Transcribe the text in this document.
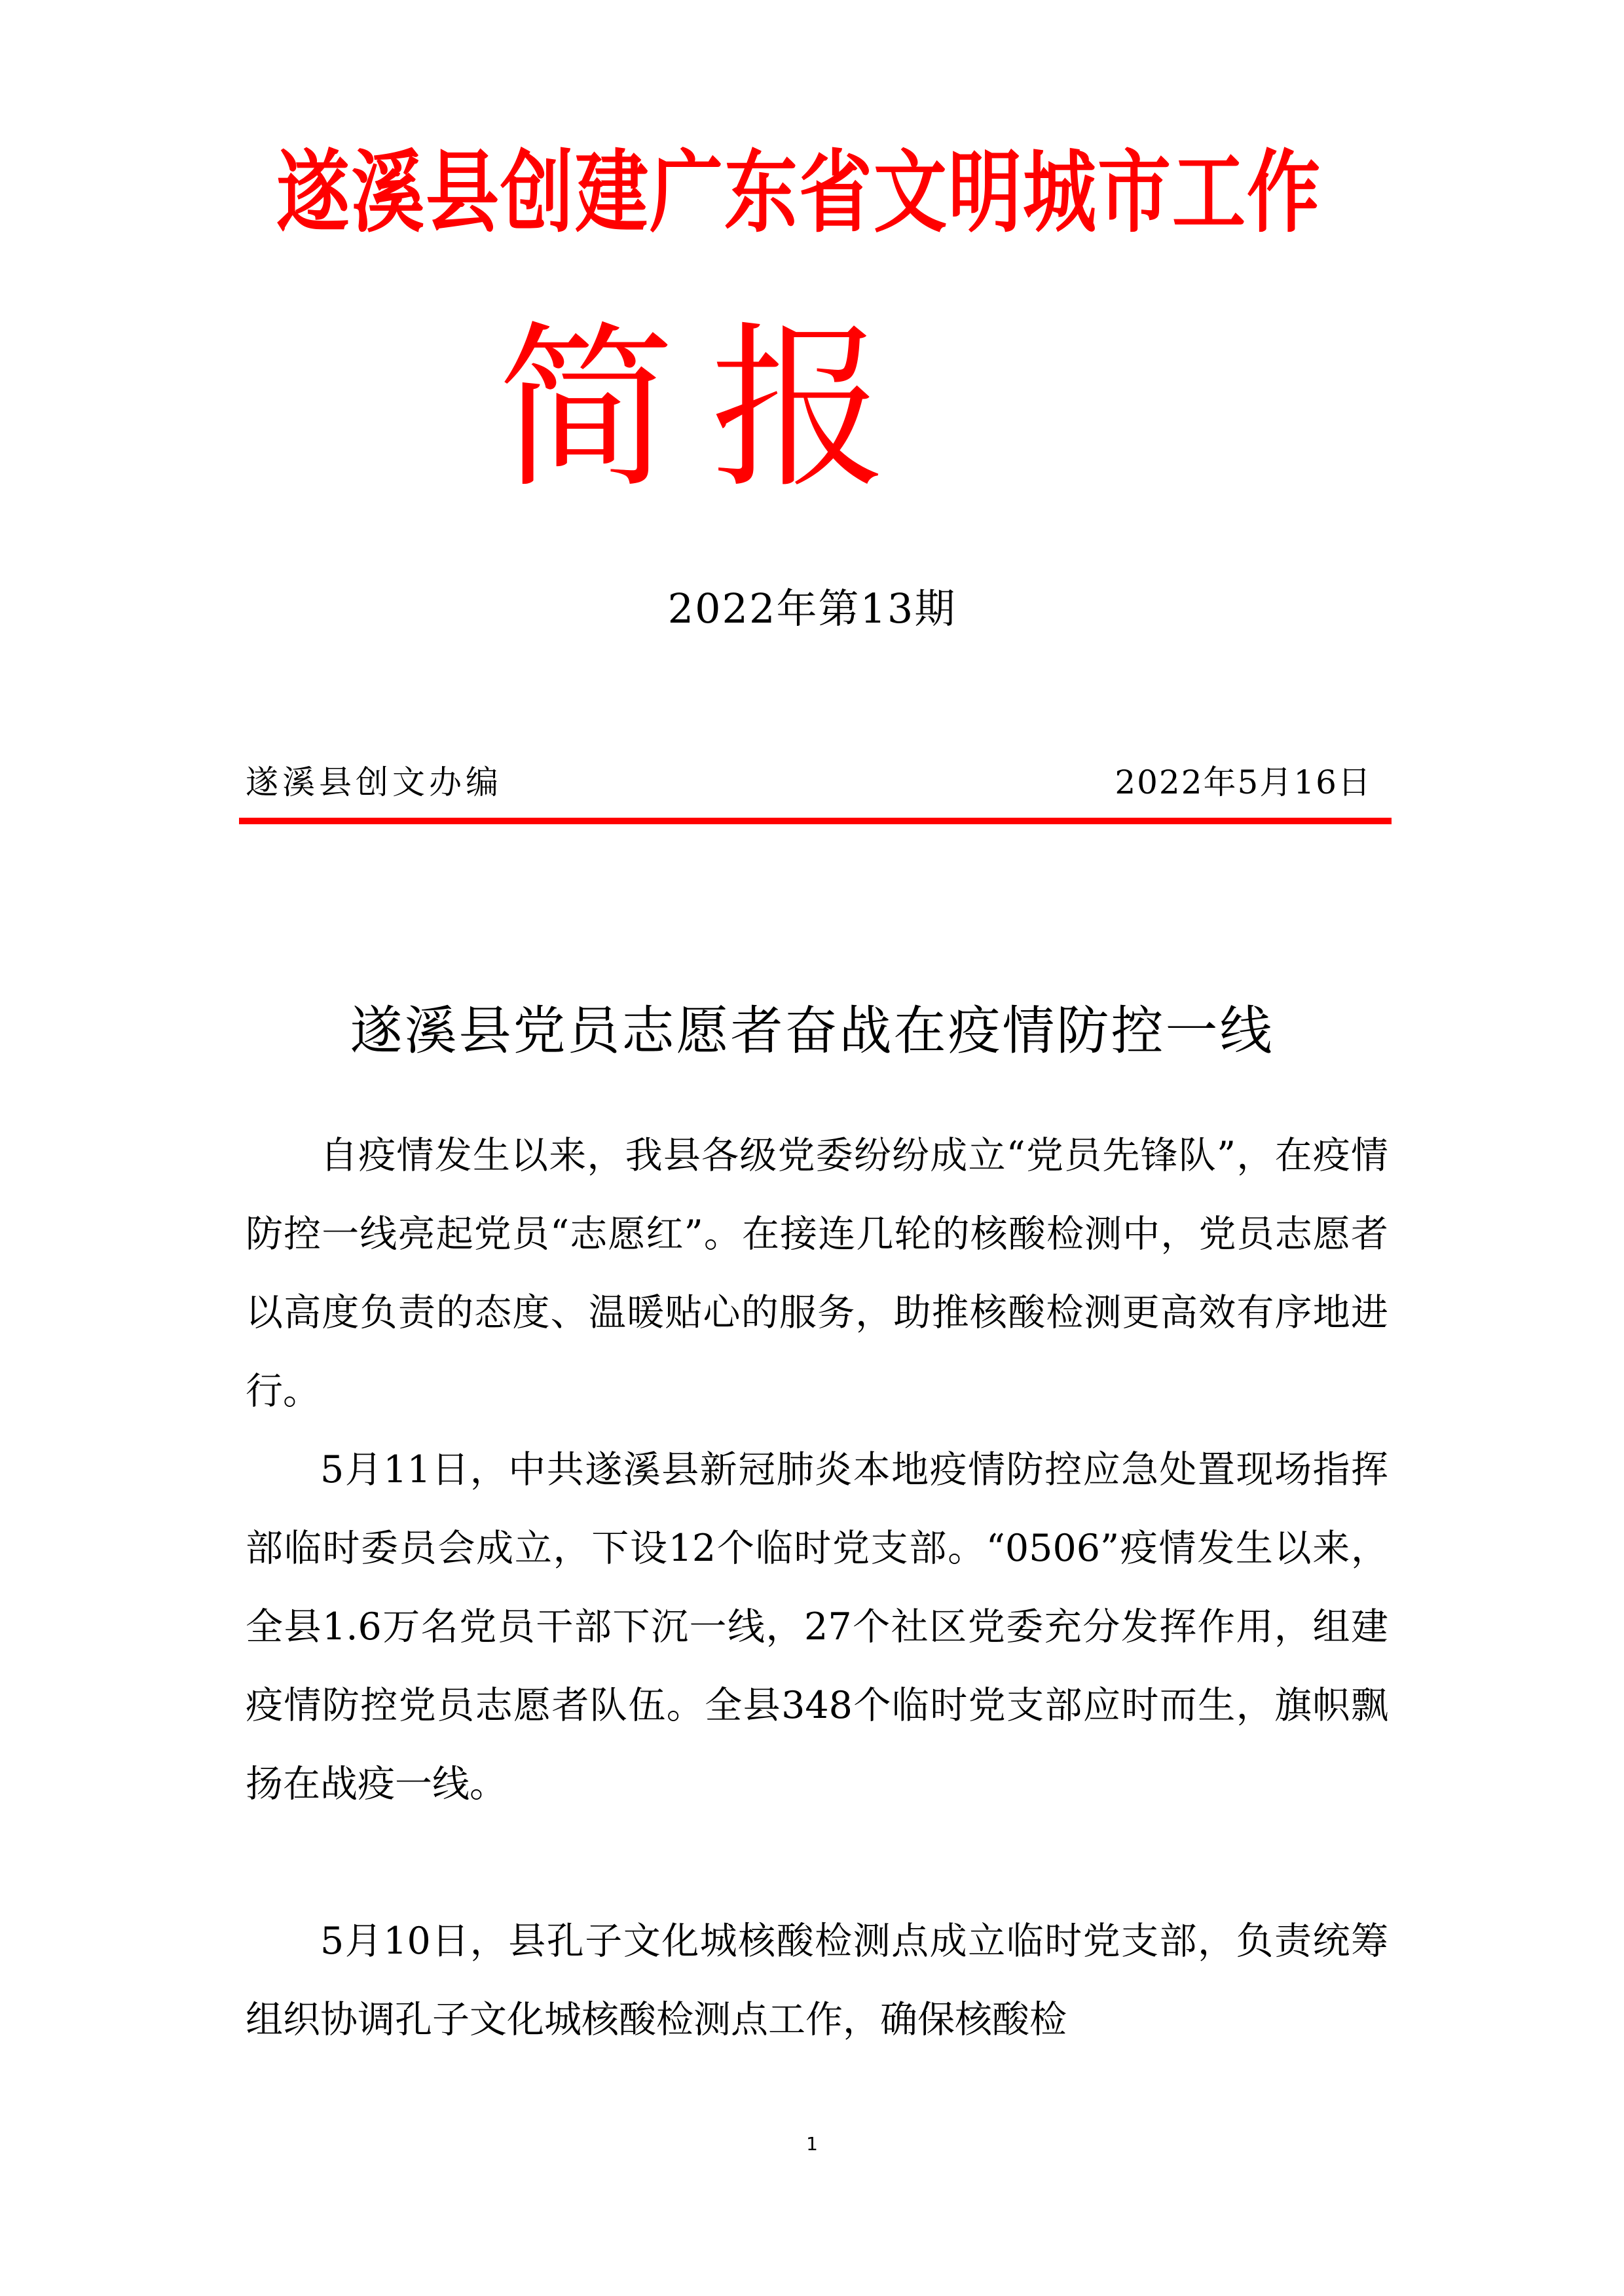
遂溪县创建广东省文明城市工作
简 报
2022年第13期
遂溪县创文办编	2022年5月16日
遂溪县党员志愿者奋战在疫情防控一线

自疫情发生以来，我县各级党委纷纷成立“党员先锋队”，在疫情防控一线亮起党员“志愿红”。在接连几轮的核酸检测中，党员志愿者以高度负责的态度、温暖贴心的服务，助推核酸检测更高效有序地进行。

5月11日，中共遂溪县新冠肺炎本地疫情防控应急处置现场指挥部临时委员会成立，下设12个临时党支部。“0506”疫情发生以来，全县1.6万名党员干部下沉一线，27个社区党委充分发挥作用，组建疫情防控党员志愿者队伍。全县348个临时党支部应时而生，旗帜飘扬在战疫一线。

5月10日，县孔子文化城核酸检测点成立临时党支部，负责统筹组织协调孔子文化城核酸检测点工作，确保核酸检

1
